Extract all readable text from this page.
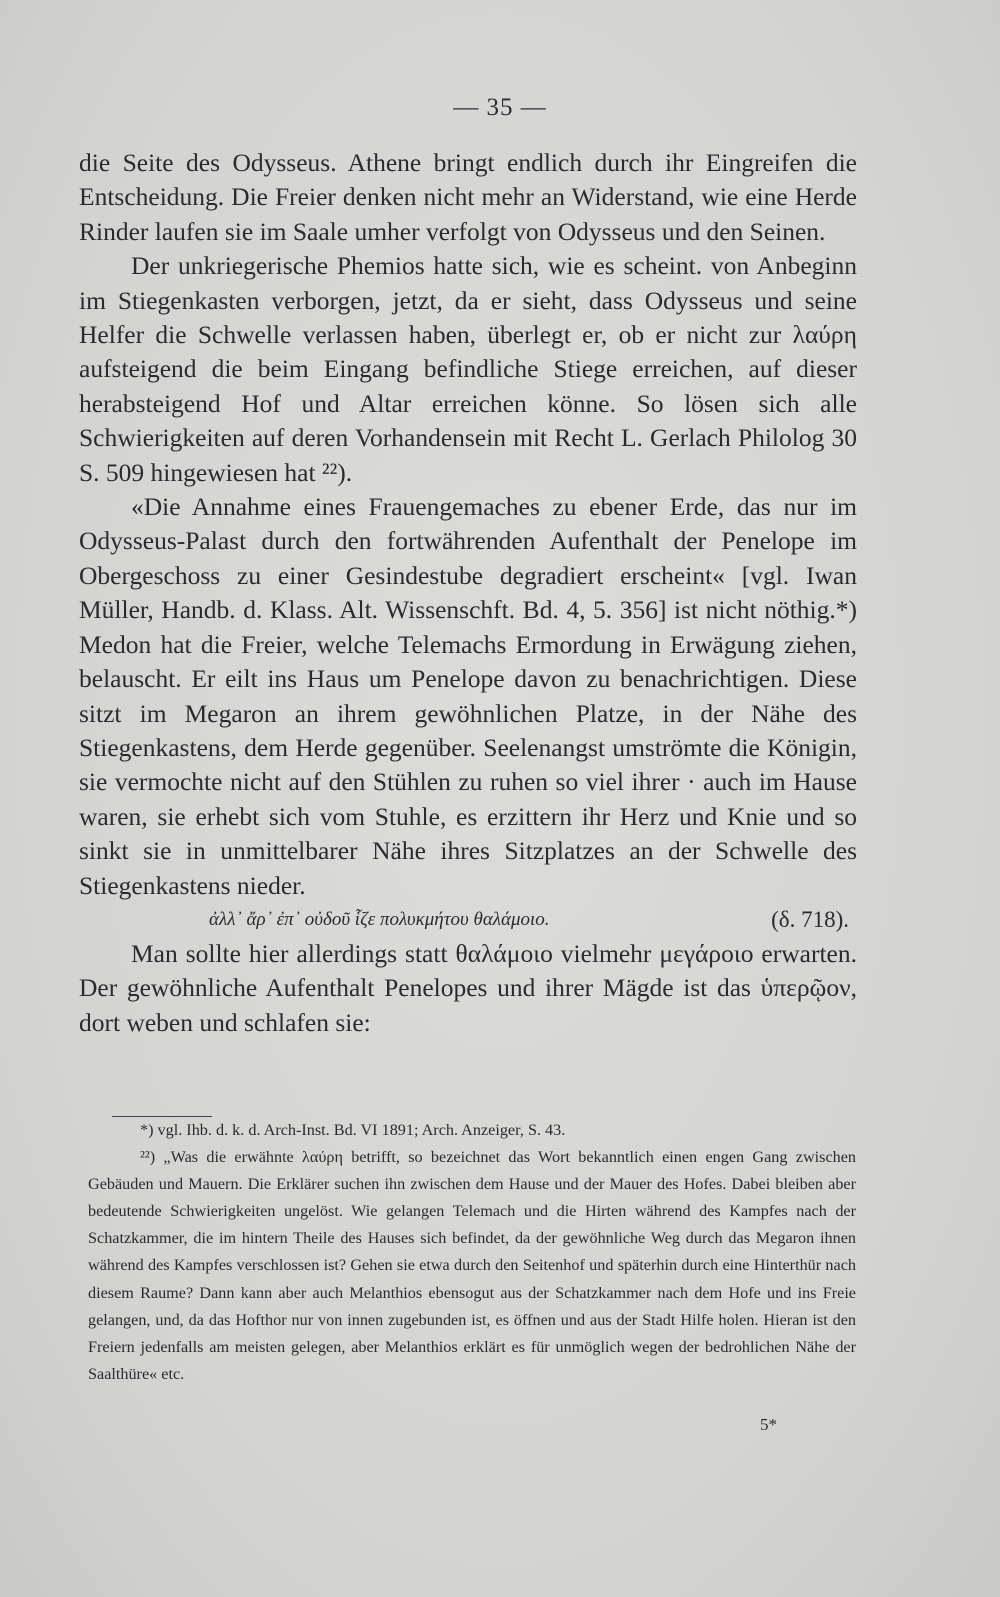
— 35 —

die Seite des Odysseus. Athene bringt endlich durch ihr Eingreifen die Entscheidung. Die Freier denken nicht mehr an Widerstand, wie eine Herde Rinder laufen sie im Saale umher verfolgt von Odysseus und den Seinen.

Der unkriegerische Phemios hatte sich, wie es scheint. von Anbeginn im Stiegenkasten verborgen, jetzt, da er sieht, dass Odysseus und seine Helfer die Schwelle verlassen haben, überlegt er, ob er nicht zur λαύρη aufsteigend die beim Eingang befindliche Stiege erreichen, auf dieser herabsteigend Hof und Altar erreichen könne. So lösen sich alle Schwierigkeiten auf deren Vorhandensein mit Recht L. Gerlach Philolog 30 S. 509 hingewiesen hat ²²).

«Die Annahme eines Frauengemaches zu ebener Erde, das nur im Odysseus-Palast durch den fortwährenden Aufenthalt der Penelope im Obergeschoss zu einer Gesindestube degradiert erscheint« [vgl. Iwan Müller, Handb. d. Klass. Alt. Wissenschft. Bd. 4, 5. 356] ist nicht nöthig.*) Medon hat die Freier, welche Telemachs Ermordung in Erwägung ziehen, belauscht. Er eilt ins Haus um Penelope davon zu benachrichtigen. Diese sitzt im Megaron an ihrem gewöhnlichen Platze, in der Nähe des Stiegenkastens, dem Herde gegenüber. Seelenangst umströmte die Königin, sie vermochte nicht auf den Stühlen zu ruhen so viel ihrer · auch im Hause waren, sie erhebt sich vom Stuhle, es erzittern ihr Herz und Knie und so sinkt sie in unmittelbarer Nähe ihres Sitzplatzes an der Schwelle des Stiegenkastens nieder.

ἀλλ᾽ ἄρ᾽ ἐπ᾽ οὐδοῦ ἷζε πολυκμήτου θαλάμοιο.	(δ. 718).

Man sollte hier allerdings statt θαλάμοιο vielmehr μεγάροιο erwarten. Der gewöhnliche Aufenthalt Penelopes und ihrer Mägde ist das ὑπερῷον, dort weben und schlafen sie:

*) vgl. Ihb. d. k. d. Arch-Inst. Bd. VI 1891; Arch. Anzeiger, S. 43.

²²) „Was die erwähnte λαύρη betrifft, so bezeichnet das Wort bekanntlich einen engen Gang zwischen Gebäuden und Mauern. Die Erklärer suchen ihn zwischen dem Hause und der Mauer des Hofes. Dabei bleiben aber bedeutende Schwierigkeiten ungelöst. Wie gelangen Telemach und die Hirten während des Kampfes nach der Schatzkammer, die im hintern Theile des Hauses sich befindet, da der gewöhnliche Weg durch das Megaron ihnen während des Kampfes verschlossen ist? Gehen sie etwa durch den Seitenhof und späterhin durch eine Hinterthür nach diesem Raume? Dann kann aber auch Melanthios ebensogut aus der Schatzkammer nach dem Hofe und ins Freie gelangen, und, da das Hofthor nur von innen zugebunden ist, es öffnen und aus der Stadt Hilfe holen. Hieran ist den Freiern jedenfalls am meisten gelegen, aber Melanthios erklärt es für unmöglich wegen der bedrohlichen Nähe der Saalthüre« etc.

5*
